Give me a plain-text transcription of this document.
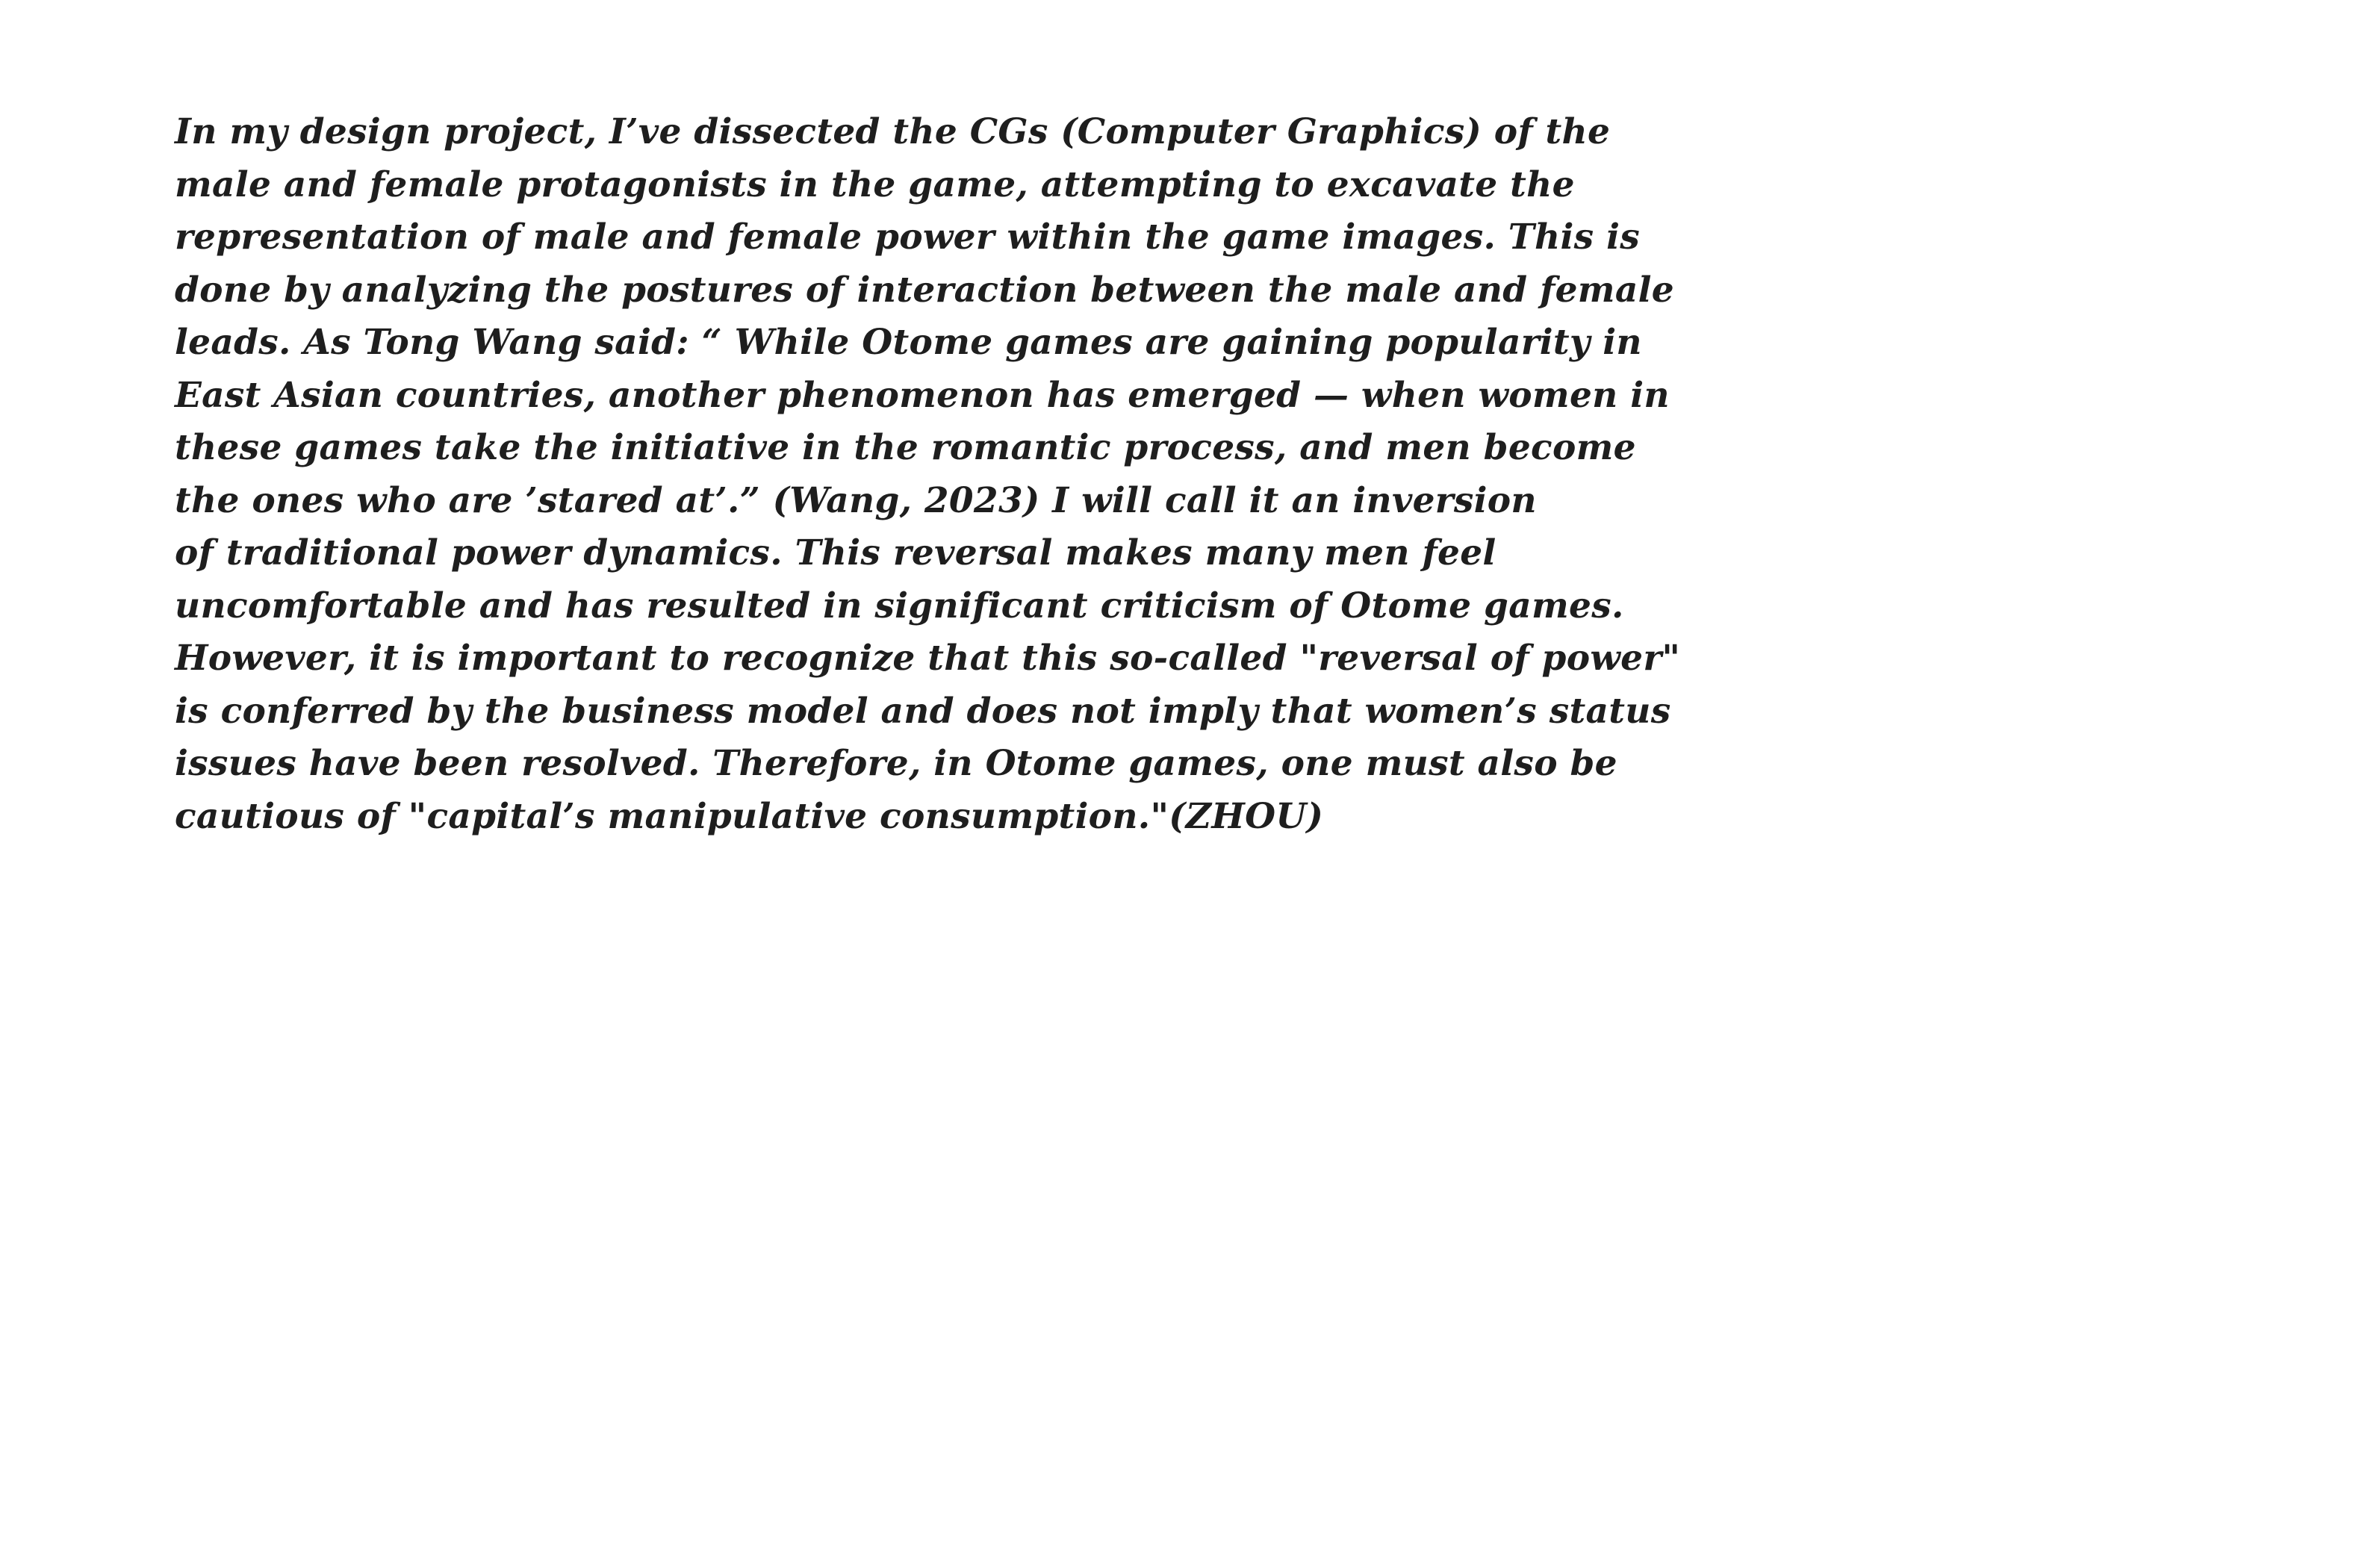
In my design project, I’ve dissected the CGs (Computer Graphics) of the
male and female protagonists in the game, attempting to excavate the
representation of male and female power within the game images. This is
done by analyzing the postures of interaction between the male and female
leads. As Tong Wang said: “ While Otome games are gaining popularity in
East Asian countries, another phenomenon has emerged — when women in
these games take the initiative in the romantic process, and men become
the ones who are ’stared at’.” (Wang, 2023) I will call it an inversion
of traditional power dynamics. This reversal makes many men feel
uncomfortable and has resulted in significant criticism of Otome games.
However, it is important to recognize that this so-called "reversal of power"
is conferred by the business model and does not imply that women’s status
issues have been resolved. Therefore, in Otome games, one must also be
cautious of "capital’s manipulative consumption."(ZHOU)
